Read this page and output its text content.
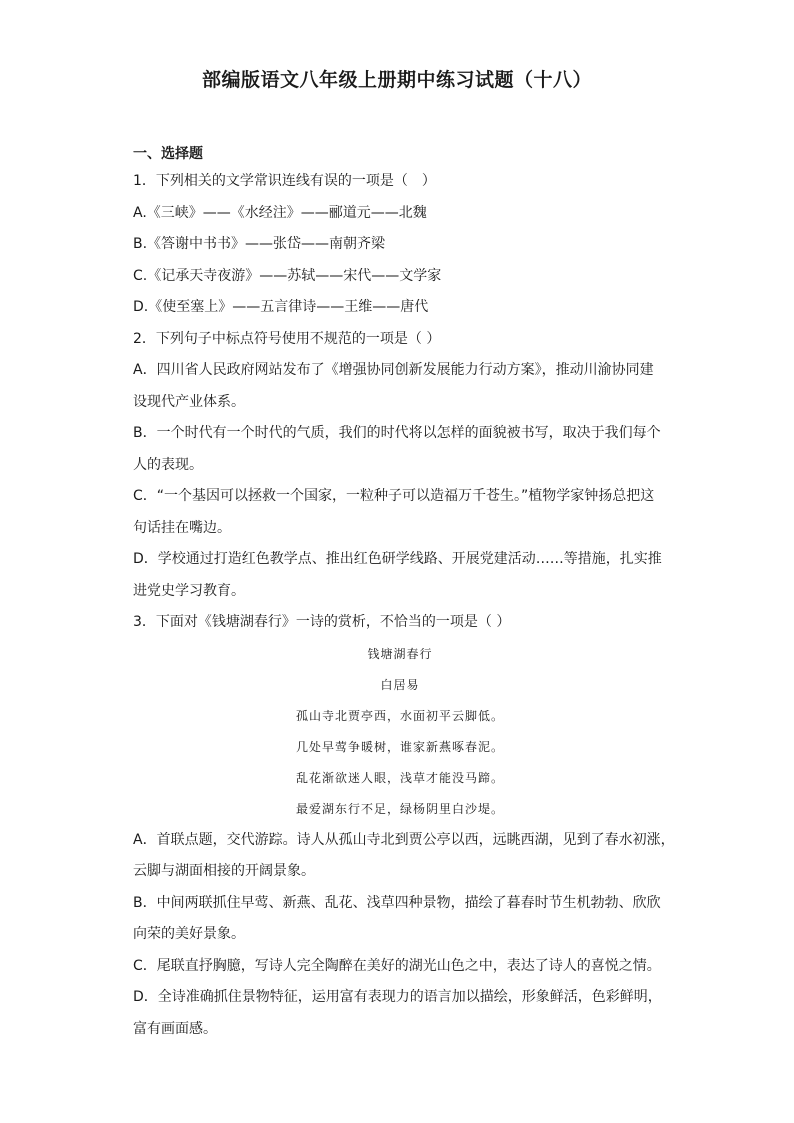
部编版语文八年级上册期中练习试题（十八）
一、选择题
1．下列相关的文学常识连线有误的一项是（　）
A.《三峡》——《水经注》——郦道元——北魏
B.《答谢中书书》——张岱——南朝齐梁
C.《记承天寺夜游》——苏轼——宋代——文学家
D.《使至塞上》——五言律诗——王维——唐代
2．下列句子中标点符号使用不规范的一项是（ ）
A．四川省人民政府网站发布了《增强协同创新发展能力行动方案》，推动川渝协同建
设现代产业体系。
B．一个时代有一个时代的气质，我们的时代将以怎样的面貌被书写，取决于我们每个
人的表现。
C．“一个基因可以拯救一个国家，一粒种子可以造福万千苍生。”植物学家钟扬总把这
句话挂在嘴边。
D．学校通过打造红色教学点、推出红色研学线路、开展党建活动……等措施，扎实推
进党史学习教育。
3．下面对《钱塘湖春行》一诗的赏析，不恰当的一项是（ ）
钱塘湖春行
白居易
孤山寺北贾亭西，水面初平云脚低。
几处早莺争暖树，谁家新燕啄春泥。
乱花渐欲迷人眼，浅草才能没马蹄。
最爱湖东行不足，绿杨阴里白沙堤。
A．首联点题，交代游踪。诗人从孤山寺北到贾公亭以西，远眺西湖，见到了春水初涨，
云脚与湖面相接的开阔景象。
B．中间两联抓住早莺、新燕、乱花、浅草四种景物，描绘了暮春时节生机勃勃、欣欣
向荣的美好景象。
C．尾联直抒胸臆，写诗人完全陶醉在美好的湖光山色之中，表达了诗人的喜悦之情。
D．全诗准确抓住景物特征，运用富有表现力的语言加以描绘，形象鲜活，色彩鲜明，
富有画面感。
